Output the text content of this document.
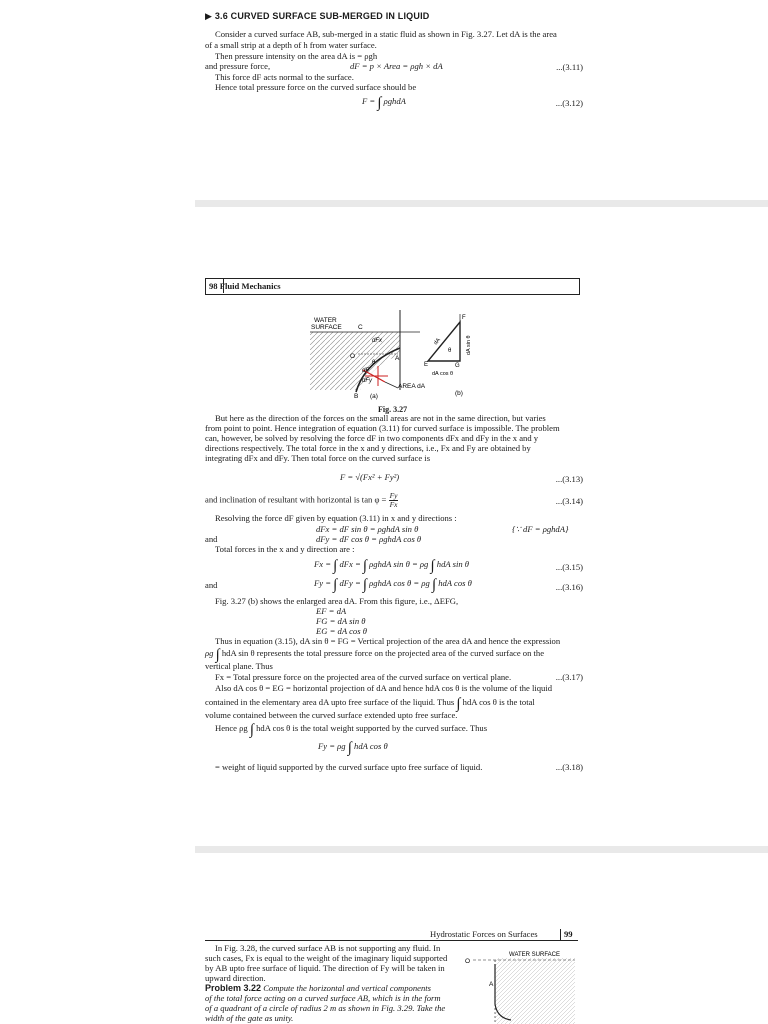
▶ 3.6 CURVED SURFACE SUB-MERGED IN LIQUID
Consider a curved surface AB, sub-merged in a static fluid as shown in Fig. 3.27. Let dA is the area
of a small strip at a depth of h from water surface.
Then pressure intensity on the area dA is = ρgh
and pressure force,	dF = p × Area = ρgh × dA	...(3.11)
This force dF acts normal to the surface.
Hence total pressure force on the curved surface should be
F = ∫ ρghdA	...(3.12)
98 Fluid Mechanics
WATER
SURFACE	C
O	A
B
dFx
dFy
dF
θ
AREA dA
(a)
F
E	G
dA	dA sin θ
θ
dA cos θ
(b)
Fig. 3.27
But here as the direction of the forces on the small areas are not in the same direction, but varies
from point to point. Hence integration of equation (3.11) for curved surface is impossible. The problem
can, however, be solved by resolving the force dF in two components dFx and dFy in the x and y
directions respectively. The total force in the x and y directions, i.e., Fx and Fy are obtained by
integrating dFx and dFy. Then total force on the curved surface is
F = √(Fx² + Fy²)	...(3.13)
and inclination of resultant with horizontal is $\tan \varphi = \frac{Fy}{Fx}$	...(3.14)
Resolving the force dF given by equation (3.11) in x and y directions :
dFx = dF sin θ = ρghdA sin θ	{∵ dF = ρghdA}
and	dFy = dF cos θ = ρghdA cos θ
Total forces in the x and y direction are :
Fx = ∫ dFx = ∫ ρghdA sin θ = ρg ∫ hdA sin θ	...(3.15)
and	Fy = ∫ dFy = ∫ ρghdA cos θ = ρg ∫ hdA cos θ	...(3.16)
Fig. 3.27 (b) shows the enlarged area dA. From this figure, i.e., ΔEFG,
EF = dA
FG = dA sin θ
EG = dA cos θ
Thus in equation (3.15), dA sin θ = FG = Vertical projection of the area dA and hence the expression
ρg ∫ hdA sin θ represents the total pressure force on the projected area of the curved surface on the
vertical plane. Thus
Fx = Total pressure force on the projected area of the curved surface on vertical plane.	...(3.17)
Also dA cos θ = EG = horizontal projection of dA and hence hdA cos θ is the volume of the liquid
contained in the elementary area dA upto free surface of the liquid. Thus ∫ hdA cos θ is the total
volume contained between the curved surface extended upto free surface.
Hence ρg ∫ hdA cos θ is the total weight supported by the curved surface. Thus
Fy = ρg ∫ hdA cos θ
= weight of liquid supported by the curved surface upto free surface of liquid.	...(3.18)
Hydrostatic Forces on Surfaces	99
In Fig. 3.28, the curved surface AB is not supporting any fluid. In
such cases, Fx is equal to the weight of the imaginary liquid supported
by AB upto free surface of liquid. The direction of Fy will be taken in
upward direction.
Problem 3.22 Compute the horizontal and vertical components
of the total force acting on a curved surface AB, which is in the form
of a quadrant of a circle of radius 2 m as shown in Fig. 3.29. Take the
width of the gate as unity.
O
A
WATER SURFACE
